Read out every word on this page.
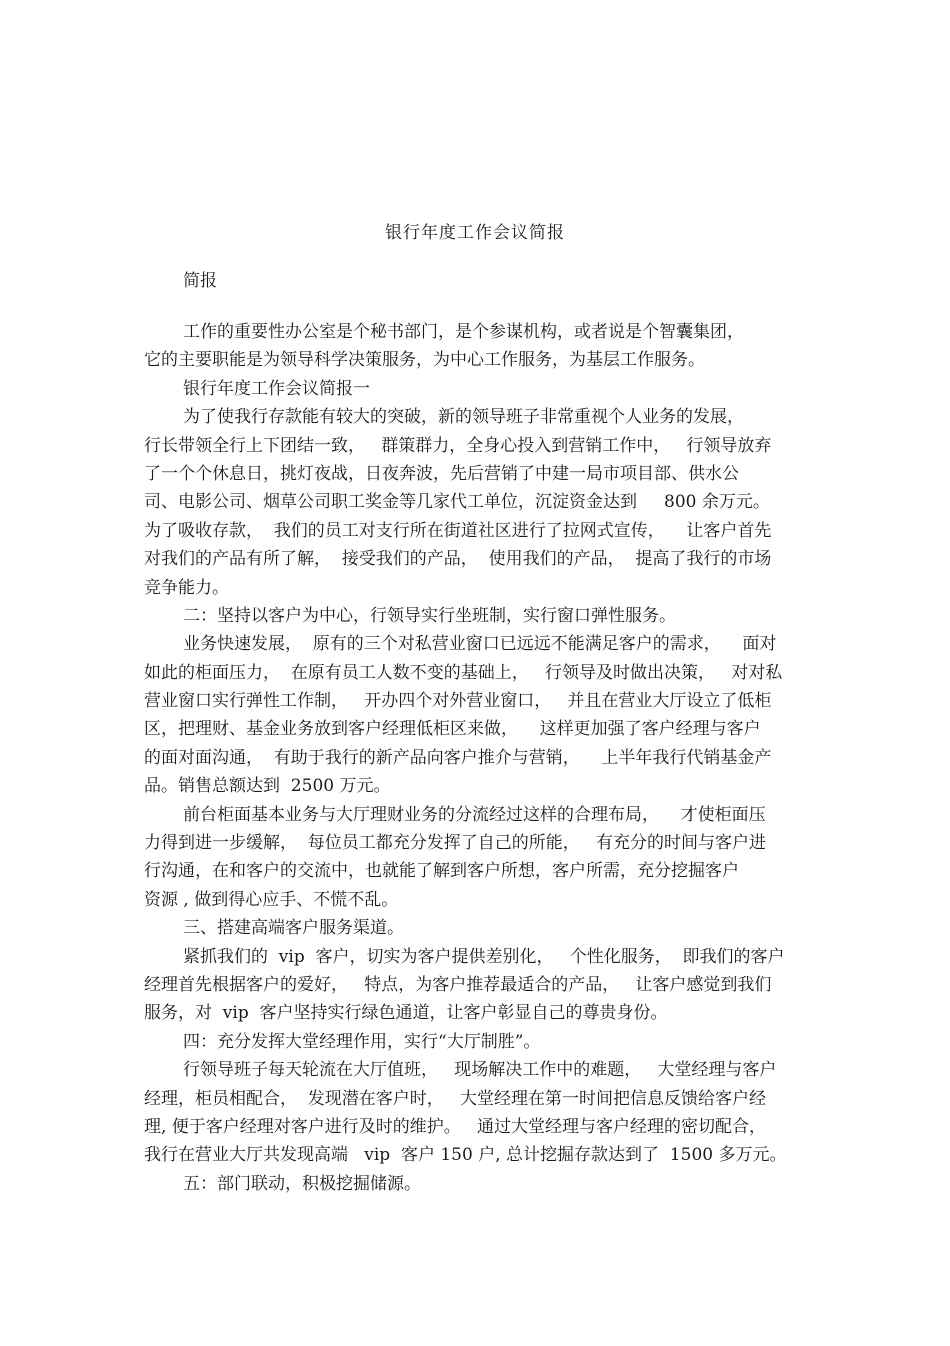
银行年度工作会议简报
简报
工作的重要性办公室是个秘书部门，是个参谋机构，或者说是个智囊集团，
它的主要职能是为领导科学决策服务，为中心工作服务，为基层工作服务。
银行年度工作会议简报一
为了使我行存款能有较大的突破，新的领导班子非常重视个人业务的发展，
行长带领全行上下团结一致，   群策群力，全身心投入到营销工作中，   行领导放弃
了一个个休息日，挑灯夜战，日夜奔波，先后营销了中建一局市项目部、供水公
司、电影公司、烟草公司职工奖金等几家代工单位，沉淀资金达到     800 余万元。
为了吸收存款，  我们的员工对支行所在街道社区进行了拉网式宣传，    让客户首先
对我们的产品有所了解，  接受我们的产品，  使用我们的产品，  提高了我行的市场
竞争能力。
二：坚持以客户为中心，行领导实行坐班制，实行窗口弹性服务。
业务快速发展，  原有的三个对私营业窗口已远远不能满足客户的需求，    面对
如此的柜面压力，  在原有员工人数不变的基础上，   行领导及时做出决策，   对对私
营业窗口实行弹性工作制，   开办四个对外营业窗口，   并且在营业大厅设立了低柜
区，把理财、基金业务放到客户经理低柜区来做，    这样更加强了客户经理与客户
的面对面沟通，  有助于我行的新产品向客户推介与营销，    上半年我行代销基金产
品。销售总额达到  2500 万元。
前台柜面基本业务与大厅理财业务的分流经过这样的合理布局，    才使柜面压
力得到进一步缓解，  每位员工都充分发挥了自己的所能，   有充分的时间与客户进
行沟通，在和客户的交流中，也就能了解到客户所想，客户所需，充分挖掘客户
资源 , 做到得心应手、不慌不乱。
三、搭建高端客户服务渠道。
紧抓我们的  vip  客户，切实为客户提供差别化，   个性化服务，  即我们的客户
经理首先根据客户的爱好，   特点，为客户推荐最适合的产品，   让客户感觉到我们
服务，对  vip  客户坚持实行绿色通道，让客户彰显自己的尊贵身份。
四：充分发挥大堂经理作用，实行“大厅制胜”。
行领导班子每天轮流在大厅值班，   现场解决工作中的难题，   大堂经理与客户
经理，柜员相配合，  发现潜在客户时，   大堂经理在第一时间把信息反馈给客户经
理, 便于客户经理对客户进行及时的维护。   通过大堂经理与客户经理的密切配合，
我行在营业大厅共发现高端   vip  客户 150 户, 总计挖掘存款达到了  1500 多万元。
五：部门联动，积极挖掘储源。
